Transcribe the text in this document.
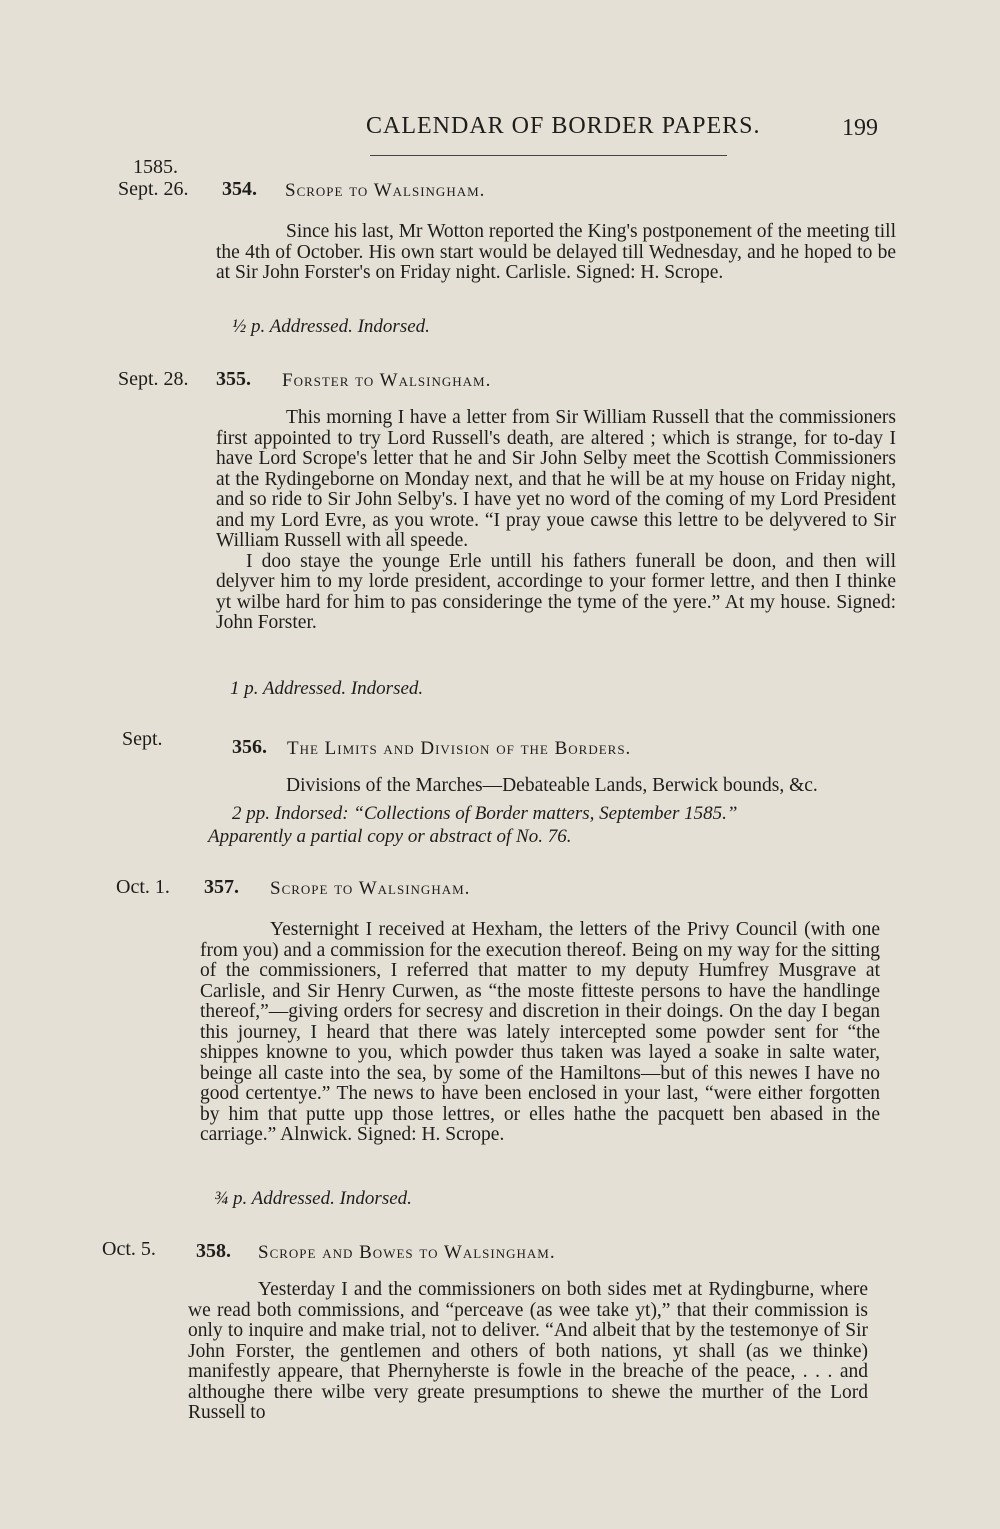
CALENDAR OF BORDER PAPERS.	199
1585.
Sept. 26. 354. Scrope to Walsingham.

Since his last, Mr Wotton reported the King's postponement of the meeting till the 4th of October. His own start would be delayed till Wednesday, and he hoped to be at Sir John Forster's on Friday night. Carlisle. Signed: H. Scrope.

½ p. Addressed. Indorsed.
Sept. 28. 355. Forster to Walsingham.

This morning I have a letter from Sir William Russell that the commissioners first appointed to try Lord Russell's death, are altered ; which is strange, for to-day I have Lord Scrope's letter that he and Sir John Selby meet the Scottish Commissioners at the Rydingeborne on Monday next, and that he will be at my house on Friday night, and so ride to Sir John Selby's. I have yet no word of the coming of my Lord President and my Lord Evre, as you wrote. “I pray youe cawse this lettre to be delyvered to Sir William Russell with all speede.

I doo staye the younge Erle untill his fathers funerall be doon, and then will delyver him to my lorde president, accordinge to your former lettre, and then I thinke yt wilbe hard for him to pas consideringe the tyme of the yere.” At my house. Signed: John Forster.

1 p. Addressed. Indorsed.
Sept.	356. The Limits and Division of the Borders.

Divisions of the Marches—Debateable Lands, Berwick bounds, &c.

2 pp. Indorsed: “Collections of Border matters, September 1585.”
Apparently a partial copy or abstract of No. 76.
Oct. 1. 357. Scrope to Walsingham.

Yesternight I received at Hexham, the letters of the Privy Council (with one from you) and a commission for the execution thereof. Being on my way for the sitting of the commissioners, I referred that matter to my deputy Humfrey Musgrave at Carlisle, and Sir Henry Curwen, as “the moste fitteste persons to have the handlinge thereof,”—giving orders for secresy and discretion in their doings. On the day I began this journey, I heard that there was lately intercepted some powder sent for “the shippes knowne to you, which powder thus taken was layed a soake in salte water, beinge all caste into the sea, by some of the Hamiltons—but of this newes I have no good certentye.” The news to have been enclosed in your last, “were either forgotten by him that putte upp those lettres, or elles hathe the pacquett ben abased in the carriage.” Alnwick. Signed: H. Scrope.

¾ p. Addressed. Indorsed.
Oct. 5. 358. Scrope and Bowes to Walsingham.

Yesterday I and the commissioners on both sides met at Rydingburne, where we read both commissions, and “perceave (as wee take yt),” that their commission is only to inquire and make trial, not to deliver. “And albeit that by the testemonye of Sir John Forster, the gentlemen and others of both nations, yt shall (as we thinke) manifestly appeare, that Phernyherste is fowle in the breache of the peace, . . . and althoughe there wilbe very greate presumptions to shewe the murther of the Lord Russell to
